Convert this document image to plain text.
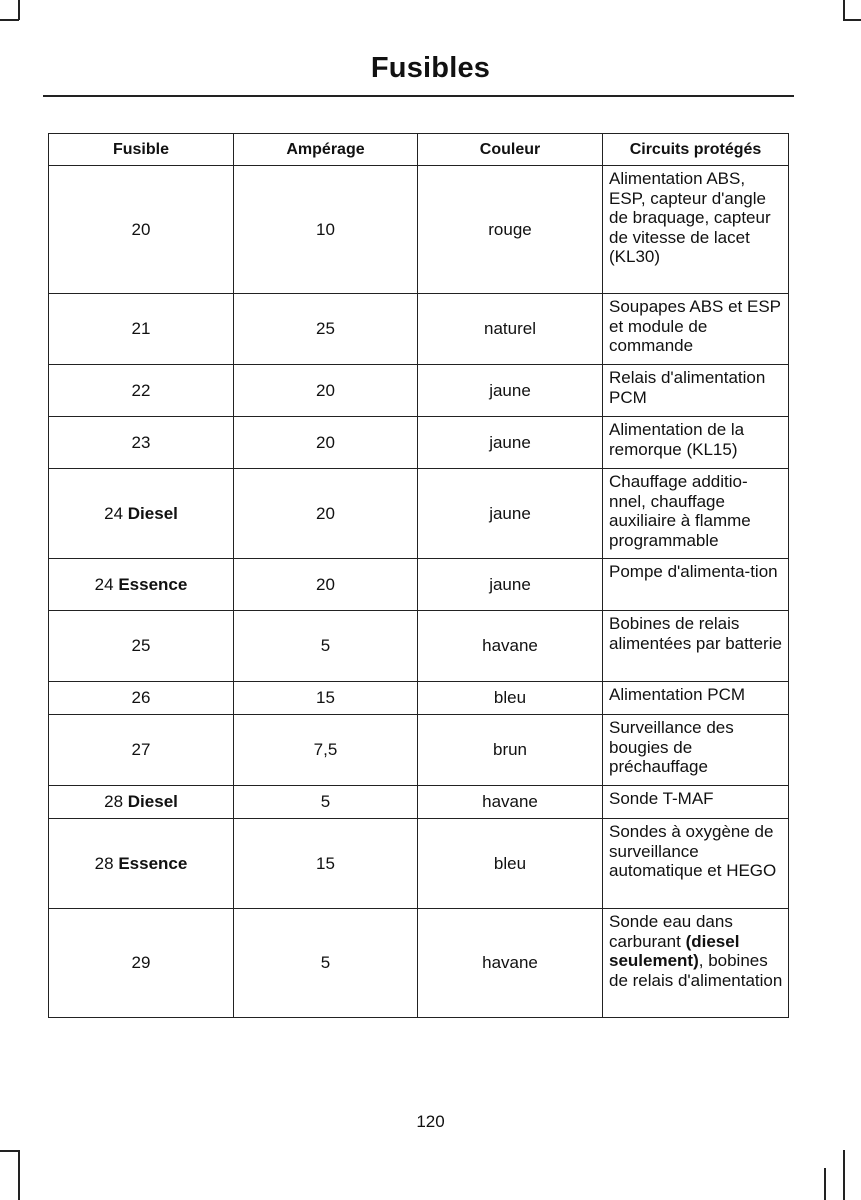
Fusibles
Fusible	Ampérage	Couleur	Circuits protégés
20	10	rouge	Alimentation ABS, ESP, capteur d'angle de braquage, capteur de vitesse de lacet (KL30)
21	25	naturel	Soupapes ABS et ESP et module de commande
22	20	jaune	Relais d'alimentation PCM
23	20	jaune	Alimentation de la remorque (KL15)
24 Diesel	20	jaune	Chauffage additio-nnel, chauffage auxiliaire à flamme programmable
24 Essence	20	jaune	Pompe d'alimenta-tion
25	5	havane	Bobines de relais alimentées par batterie
26	15	bleu	Alimentation PCM
27	7,5	brun	Surveillance des bougies de préchauffage
28 Diesel	5	havane	Sonde T-MAF
28 Essence	15	bleu	Sondes à oxygène de surveillance automatique et HEGO
29	5	havane	Sonde eau dans carburant (diesel seulement), bobines de relais d'alimentation
120
